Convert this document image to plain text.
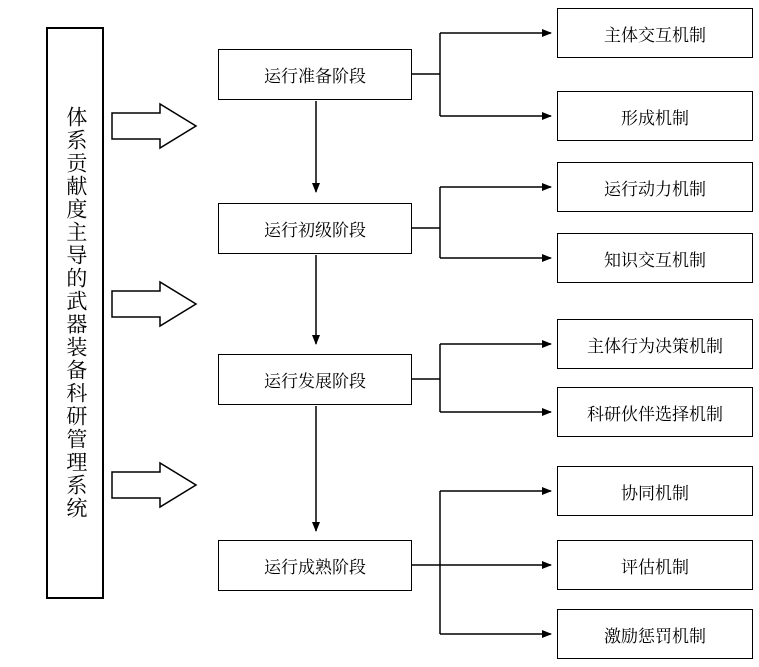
体系贡献度主导的武器装备科研管理系统
运行准备阶段
运行初级阶段
运行发展阶段
运行成熟阶段
主体交互机制
形成机制
运行动力机制
知识交互机制
主体行为决策机制
科研伙伴选择机制
协同机制
评估机制
激励惩罚机制
